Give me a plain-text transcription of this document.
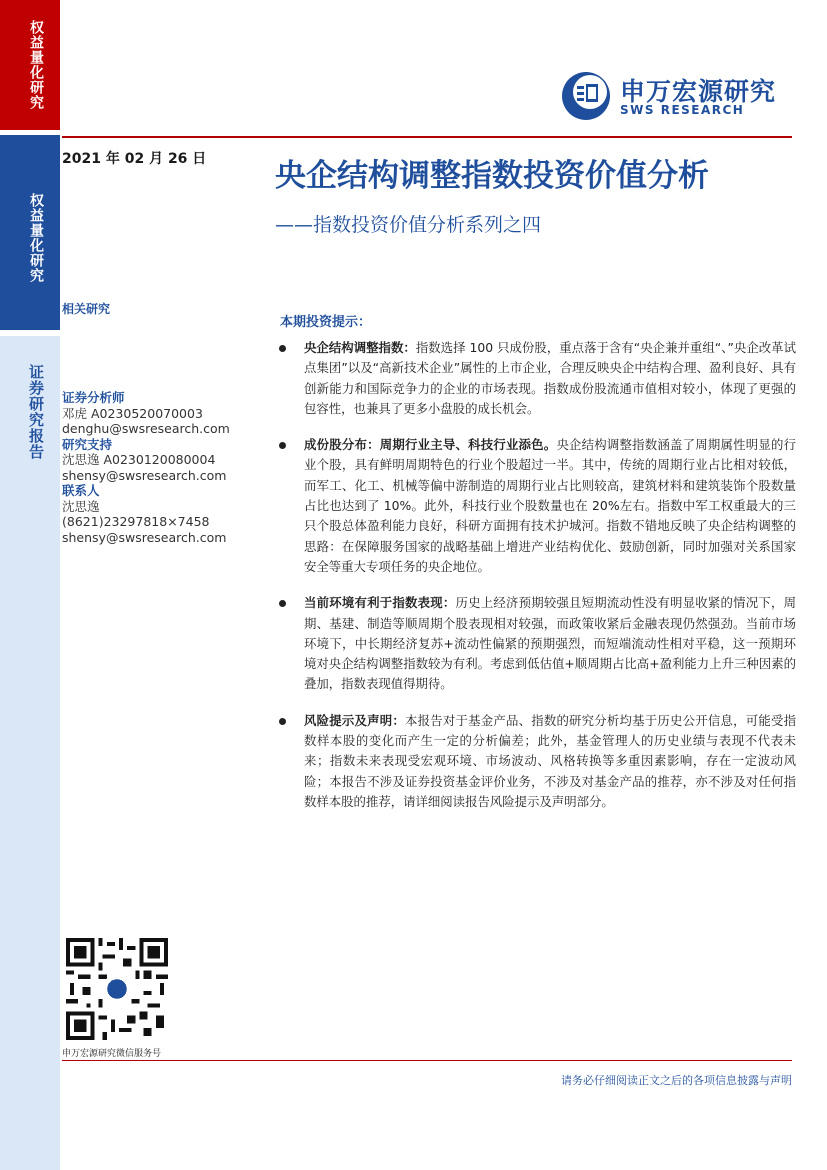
权益量化研究
权益量化研究
证券研究报告
申万宏源研究
SWS RESEARCH
2021 年 02 月 26 日 央企结构调整指数投资价值分析
——指数投资价值分析系列之四
相关研究
证券分析师
邓虎 A0230520070003
denghu@swsresearch.com
研究支持
沈思逸 A0230120080004
shensy@swsresearch.com
联系人
沈思逸
(8621)23297818×7458
shensy@swsresearch.com
本期投资提示：
央企结构调整指数：指数选择 100 只成份股，重点落于含有“央企兼并重组“、”央企改革试点集团”以及“高新技术企业”属性的上市企业，合理反映央企中结构合理、盈利良好、具有创新能力和国际竞争力的企业的市场表现。指数成份股流通市值相对较小，体现了更强的包容性，也兼具了更多小盘股的成长机会。
成份股分布：周期行业主导、科技行业添色。央企结构调整指数涵盖了周期属性明显的行业个股，具有鲜明周期特色的行业个股超过一半。其中，传统的周期行业占比相对较低，而军工、化工、机械等偏中游制造的周期行业占比则较高，建筑材料和建筑装饰个股数量占比也达到了 10%。此外，科技行业个股数量也在 20%左右。指数中军工权重最大的三只个股总体盈利能力良好，科研方面拥有技术护城河。指数不错地反映了央企结构调整的思路：在保障服务国家的战略基础上增进产业结构优化、鼓励创新，同时加强对关系国家安全等重大专项任务的央企地位。
当前环境有利于指数表现：历史上经济预期较强且短期流动性没有明显收紧的情况下，周期、基建、制造等顺周期个股表现相对较强，而政策收紧后金融表现仍然强劲。当前市场环境下，中长期经济复苏+流动性偏紧的预期强烈，而短端流动性相对平稳，这一预期环境对央企结构调整指数较为有利。考虑到低估值+顺周期占比高+盈利能力上升三种因素的叠加，指数表现值得期待。
风险提示及声明：本报告对于基金产品、指数的研究分析均基于历史公开信息，可能受指数样本股的变化而产生一定的分析偏差；此外，基金管理人的历史业绩与表现不代表未来；指数未来表现受宏观环境、市场波动、风格转换等多重因素影响，存在一定波动风险；本报告不涉及证券投资基金评价业务，不涉及对基金产品的推荐，亦不涉及对任何指数样本股的推荐，请详细阅读报告风险提示及声明部分。
申万宏源研究微信服务号
请务必仔细阅读正文之后的各项信息披露与声明
